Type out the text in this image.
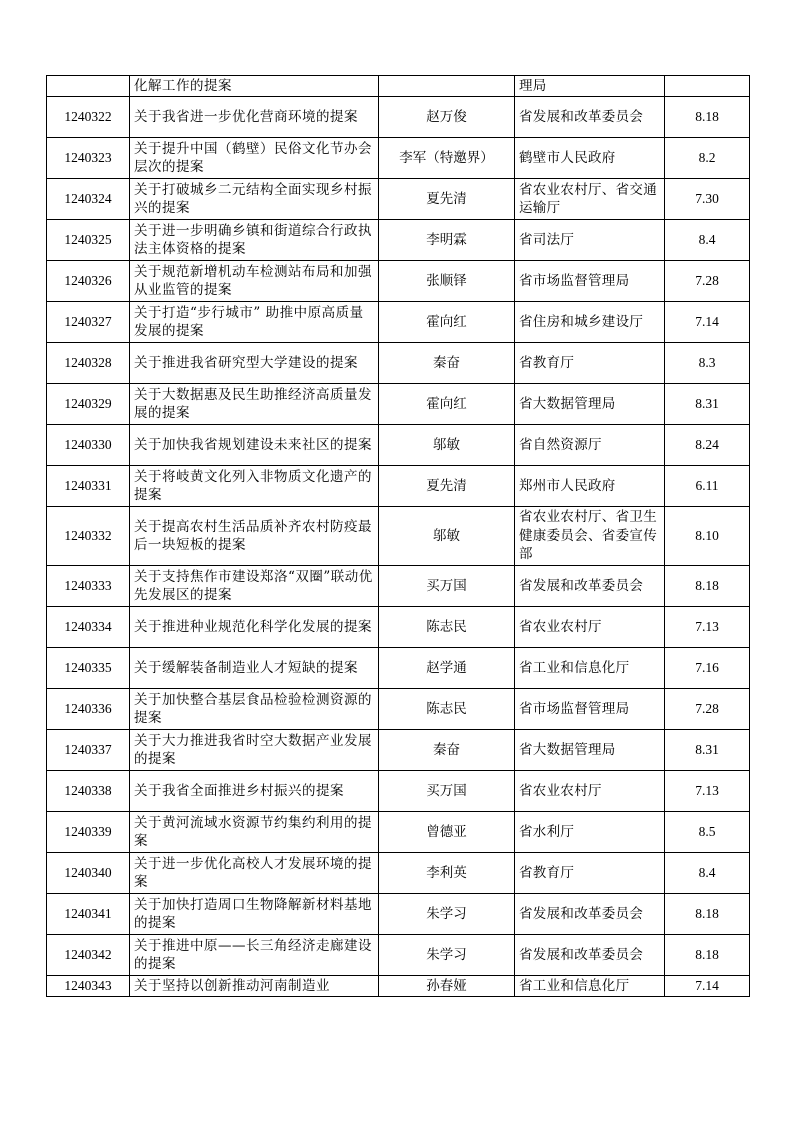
	化解工作的提案		理局	

1240322	关于我省进一步优化营商环境的提案	赵万俊	省发展和改革委员会	8.18
1240323	关于提升中国（鹤壁）民俗文化节办会层次的提案	李军（特邀界）	鹤壁市人民政府	8.2
1240324	关于打破城乡二元结构全面实现乡村振兴的提案	夏先清	省农业农村厅、省交通运输厅	7.30
1240325	关于进一步明确乡镇和街道综合行政执法主体资格的提案	李明霖	省司法厅	8.4
1240326	关于规范新增机动车检测站布局和加强从业监管的提案	张顺铎	省市场监督管理局	7.28
1240327	关于打造“步行城市” 助推中原高质量发展的提案	霍向红	省住房和城乡建设厅	7.14
1240328	关于推进我省研究型大学建设的提案	秦奋	省教育厅	8.3
1240329	关于大数据惠及民生助推经济高质量发展的提案	霍向红	省大数据管理局	8.31
1240330	关于加快我省规划建设未来社区的提案	邬敏	省自然资源厅	8.24
1240331	关于将岐黄文化列入非物质文化遗产的提案	夏先清	郑州市人民政府	6.11
1240332	关于提高农村生活品质补齐农村防疫最后一块短板的提案	邬敏	省农业农村厅、省卫生健康委员会、省委宣传部	8.10
1240333	关于支持焦作市建设郑洛“双圈”联动优先发展区的提案	买万国	省发展和改革委员会	8.18
1240334	关于推进种业规范化科学化发展的提案	陈志民	省农业农村厅	7.13
1240335	关于缓解装备制造业人才短缺的提案	赵学通	省工业和信息化厅	7.16
1240336	关于加快整合基层食品检验检测资源的提案	陈志民	省市场监督管理局	7.28
1240337	关于大力推进我省时空大数据产业发展的提案	秦奋	省大数据管理局	8.31
1240338	关于我省全面推进乡村振兴的提案	买万国	省农业农村厅	7.13
1240339	关于黄河流域水资源节约集约利用的提案	曾德亚	省水利厅	8.5
1240340	关于进一步优化高校人才发展环境的提案	李利英	省教育厅	8.4
1240341	关于加快打造周口生物降解新材料基地的提案	朱学习	省发展和改革委员会	8.18
1240342	关于推进中原——长三角经济走廊建设的提案	朱学习	省发展和改革委员会	8.18
1240343	关于坚持以创新推动河南制造业	孙春娅	省工业和信息化厅	7.14
